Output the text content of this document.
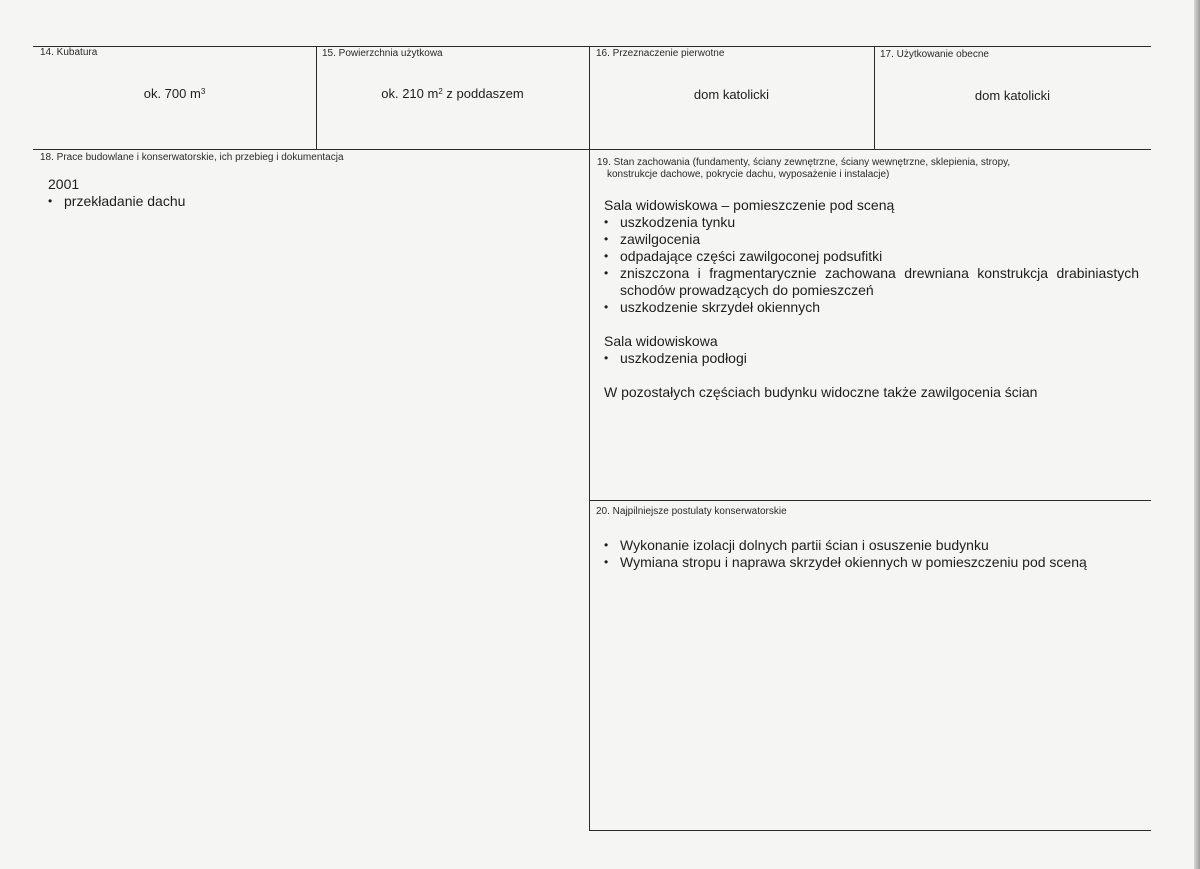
14. Kubatura
ok. 700 $m^3$
15. Powierzchnia użytkowa
ok. 210 $m^2$ z poddaszem
16. Przeznaczenie pierwotne
dom katolicki
17. Użytkowanie obecne
dom katolicki
18. Prace budowlane i konserwatorskie, ich przebieg i dokumentacja

2001

• przekładanie dachu
19. Stan zachowania (fundamenty, ściany zewnętrzne, ściany wewnętrzne, sklepienia, stropy,
konstrukcje dachowe, pokrycie dachu, wyposażenie i instalacje)

Sala widowiskowa – pomieszczenie pod sceną

• uszkodzenia tynku
• zawilgocenia
• odpadające części zawilgoconej podsufitki
• zniszczona i fragmentarycznie zachowana drewniana konstrukcja drabiniastych schodów prowadzących do pomieszczeń
• uszkodzenie skrzydeł okiennych

Sala widowiskowa

• uszkodzenia podłogi

W pozostałych częściach budynku widoczne także zawilgocenia ścian

20. Najpilniejsze postulaty konserwatorskie
• Wykonanie izolacji dolnych partii ścian i osuszenie budynku
• Wymiana stropu i naprawa skrzydeł okiennych w pomieszczeniu pod sceną
